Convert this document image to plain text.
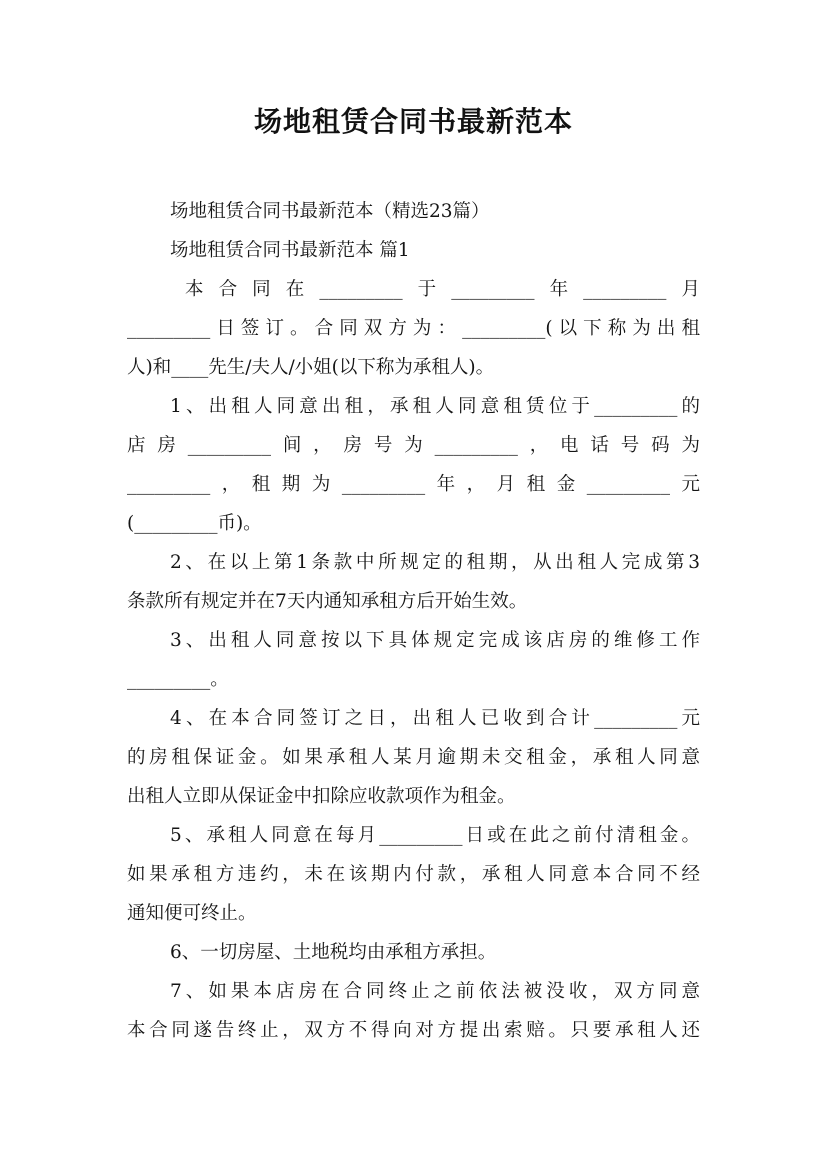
场地租赁合同书最新范本
场地租赁合同书最新范本（精选23篇）
场地租赁合同书最新范本 篇1
本合同在_________于_________年_________月
_________日签订。合同双方为：_________(以下称为出租
人)和____先生/夫人/小姐(以下称为承租人)。
1、出租人同意出租，承租人同意租赁位于_________的
店房_________间，房号为_________，电话号码为
_________，租期为_________年，月租金_________元
(_________币)。
2、在以上第1条款中所规定的租期，从出租人完成第3
条款所有规定并在7天内通知承租方后开始生效。
3、出租人同意按以下具体规定完成该店房的维修工作
_________。
4、在本合同签订之日，出租人已收到合计_________元
的房租保证金。如果承租人某月逾期未交租金，承租人同意
出租人立即从保证金中扣除应收款项作为租金。
5、承租人同意在每月_________日或在此之前付清租金。
如果承租方违约，未在该期内付款，承租人同意本合同不经
通知便可终止。
6、一切房屋、土地税均由承租方承担。
7、如果本店房在合同终止之前依法被没收，双方同意
本合同遂告终止，双方不得向对方提出索赔。只要承租人还
